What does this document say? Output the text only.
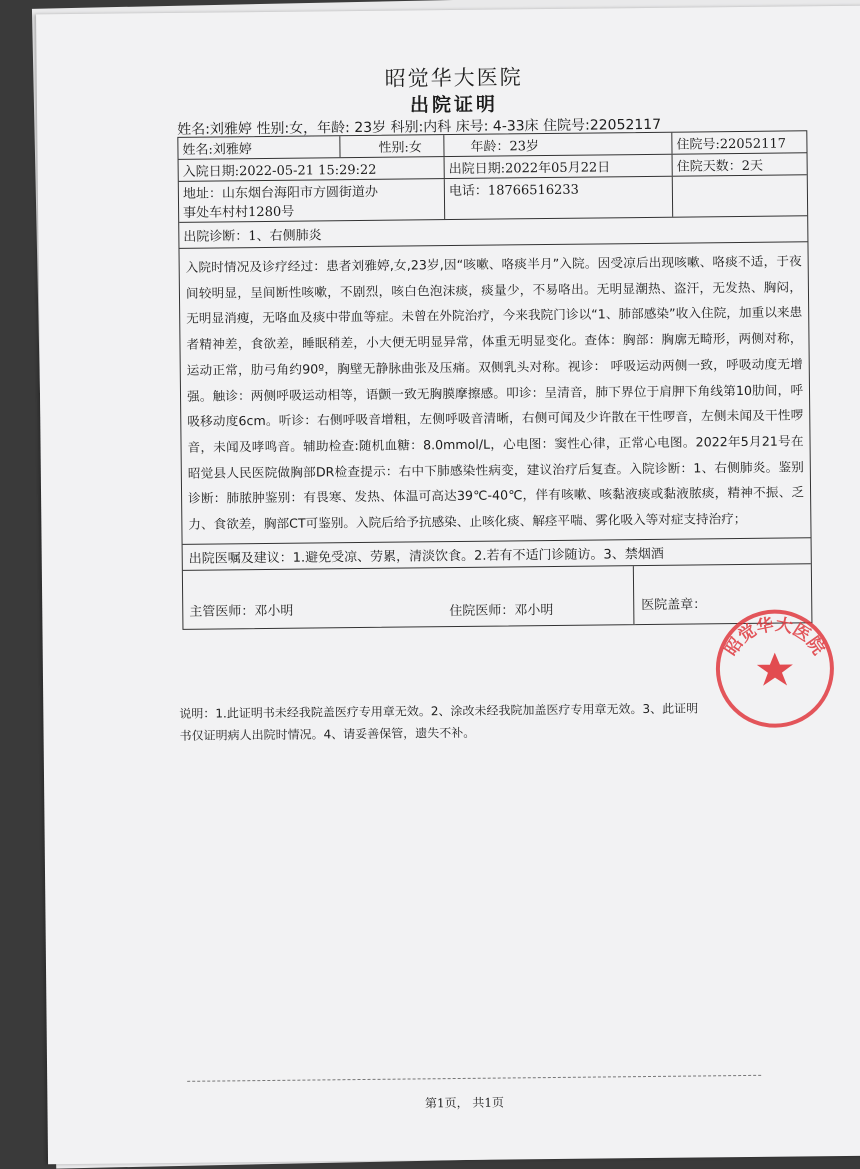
昭觉华大医院
出院证明
姓名:刘雅婷 性别:女，年龄: 23岁 科别:内科 床号: 4-33床 住院号:22052117
姓名:刘雅婷	性别:女	年龄：23岁	住院号:22052117
入院日期:2022-05-21 15:29:22	出院日期:2022年05月22日	住院天数：2天
地址：山东烟台海阳市方圆街道办
事处车村村1280号
电话：18766516233
出院诊断：1、右侧肺炎
入院时情况及诊疗经过：患者刘雅婷,女,23岁,因“咳嗽、咯痰半月”入院。因受凉后出现咳嗽、咯痰不适，于夜间较明显，呈间断性咳嗽，不剧烈，咳白色泡沫痰，痰量少，不易咯出。无明显潮热、盗汗，无发热、胸闷，无明显消瘦，无咯血及痰中带血等症。未曾在外院治疗，今来我院门诊以“1、肺部感染”收入住院，加重以来患者精神差，食欲差，睡眠稍差，小大便无明显异常，体重无明显变化。查体：胸部：胸廓无畸形，两侧对称，运动正常，肋弓角约90º，胸壁无静脉曲张及压痛。双侧乳头对称。视诊： 呼吸运动两侧一致，呼吸动度无增强。触诊：两侧呼吸运动相等，语颤一致无胸膜摩擦感。叩诊：呈清音，肺下界位于肩胛下角线第10肋间，呼吸移动度6cm。听诊：右侧呼吸音增粗，左侧呼吸音清晰，右侧可闻及少许散在干性啰音，左侧未闻及干性啰音，未闻及哮鸣音。辅助检查:随机血糖：8.0mmol/L，心电图：窦性心律，正常心电图。2022年5月21号在昭觉县人民医院做胸部DR检查提示：右中下肺感染性病变，建议治疗后复查。入院诊断：1、右侧肺炎。鉴别诊断：肺脓肿鉴别：有畏寒、发热、体温可高达39℃-40℃，伴有咳嗽、咳黏液痰或黏液脓痰，精神不振、乏力、食欲差，胸部CT可鉴别。入院后给予抗感染、止咳化痰、解痉平喘、雾化吸入等对症支持治疗；
出院医嘱及建议：1.避免受凉、劳累，清淡饮食。2.若有不适门诊随访。3、禁烟酒
主管医师：邓小明	住院医师：邓小明	医院盖章：
说明：1.此证明书未经我院盖医疗专用章无效。2、涂改未经我院加盖医疗专用章无效。3、此证明
书仅证明病人出院时情况。4、请妥善保管，遗失不补。
昭觉华大医院
第1页， 共1页
